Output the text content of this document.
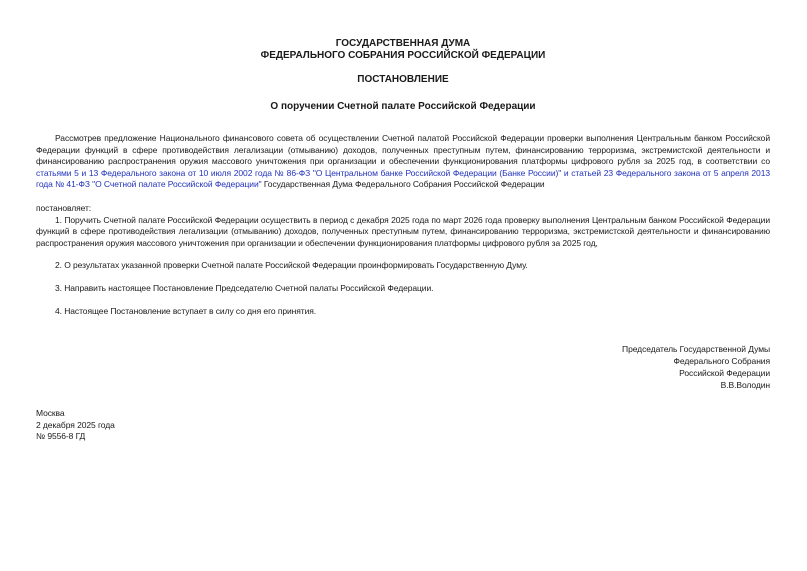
ГОСУДАРСТВЕННАЯ ДУМА
ФЕДЕРАЛЬНОГО СОБРАНИЯ РОССИЙСКОЙ ФЕДЕРАЦИИ
ПОСТАНОВЛЕНИЕ
О поручении Счетной палате Российской Федерации

Рассмотрев предложение Национального финансового совета об осуществлении Счетной палатой Российской Федерации проверки выполнения Центральным банком Российской Федерации функций в сфере противодействия легализации (отмыванию) доходов, полученных преступным путем, финансированию терроризма, экстремистской деятельности и финансированию распространения оружия массового уничтожения при организации и обеспечении функционирования платформы цифрового рубля за 2025 год, в соответствии со статьями 5 и 13 Федерального закона от 10 июля 2002 года № 86-ФЗ "О Центральном банке Российской Федерации (Банке России)" и статьей 23 Федерального закона от 5 апреля 2013 года № 41-ФЗ "О Счетной палате Российской Федерации" Государственная Дума Федерального Собрания Российской Федерации

постановляет:

1. Поручить Счетной палате Российской Федерации осуществить в период с декабря 2025 года по март 2026 года проверку выполнения Центральным банком Российской Федерации функций в сфере противодействия легализации (отмыванию) доходов, полученных преступным путем, финансированию терроризма, экстремистской деятельности и финансированию распространения оружия массового уничтожения при организации и обеспечении функционирования платформы цифрового рубля за 2025 год,

2. О результатах указанной проверки Счетной палате Российской Федерации проинформировать Государственную Думу.

3. Направить настоящее Постановление Председателю Счетной палаты Российской Федерации.

4. Настоящее Постановление вступает в силу со дня его принятия.

Председатель Государственной Думы
Федерального Собрания
Российской Федерации
В.В.Володин
Москва
2 декабря 2025 года
№ 9556-8 ГД
